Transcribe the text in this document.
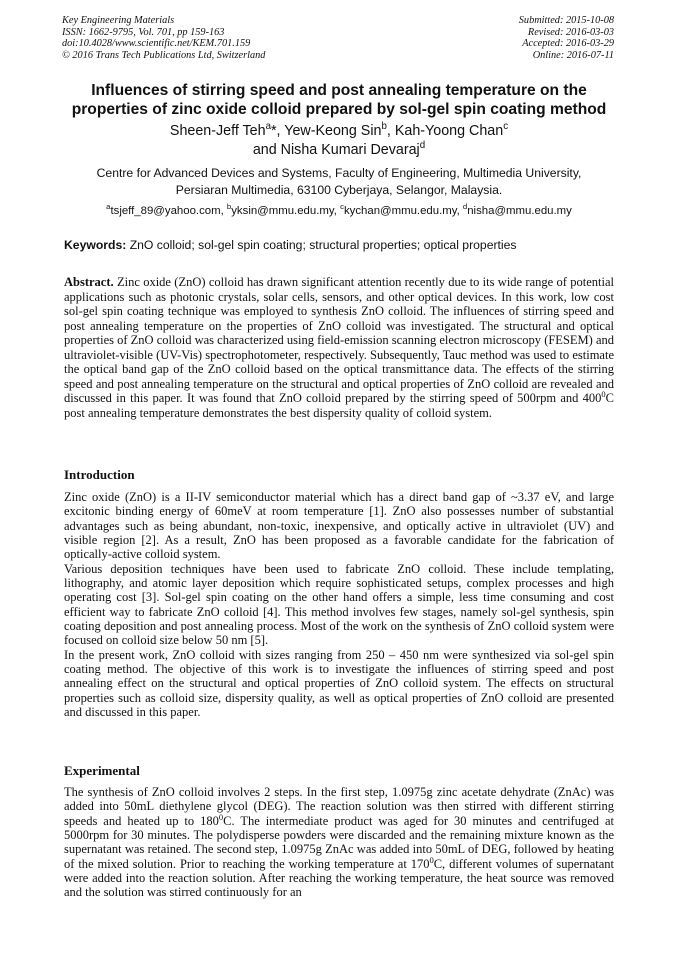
Key Engineering Materials
ISSN: 1662-9795, Vol. 701, pp 159-163
doi:10.4028/www.scientific.net/KEM.701.159
© 2016 Trans Tech Publications Ltd, Switzerland
Submitted: 2015-10-08
Revised: 2016-03-03
Accepted: 2016-03-29
Online: 2016-07-11
Influences of stirring speed and post annealing temperature on the
properties of zinc oxide colloid prepared by sol-gel spin coating method
Sheen-Jeff Teh$^a$*, Yew-Keong Sin$^b$, Kah-Yoong Chan$^c$
and Nisha Kumari Devaraj$^d$
Centre for Advanced Devices and Systems, Faculty of Engineering, Multimedia University,
Persiaran Multimedia, 63100 Cyberjaya, Selangor, Malaysia.
$^a$tsjeff_89@yahoo.com, $^b$yksin@mmu.edu.my, $^c$kychan@mmu.edu.my, $^d$nisha@mmu.edu.my
Keywords: ZnO colloid; sol-gel spin coating; structural properties; optical properties
Abstract. Zinc oxide (ZnO) colloid has drawn significant attention recently due to its wide range of potential applications such as photonic crystals, solar cells, sensors, and other optical devices. In this work, low cost sol-gel spin coating technique was employed to synthesis ZnO colloid. The influences of stirring speed and post annealing temperature on the properties of ZnO colloid was investigated. The structural and optical properties of ZnO colloid was characterized using field-emission scanning electron microscopy (FESEM) and ultraviolet-visible (UV-Vis) spectrophotometer, respectively. Subsequently, Tauc method was used to estimate the optical band gap of the ZnO colloid based on the optical transmittance data. The effects of the stirring speed and post annealing temperature on the structural and optical properties of ZnO colloid are revealed and discussed in this paper. It was found that ZnO colloid prepared by the stirring speed of 500rpm and $400^0C$ post annealing temperature demonstrates the best dispersity quality of colloid system.
Introduction

Zinc oxide (ZnO) is a II-IV semiconductor material which has a direct band gap of ~3.37 eV, and large excitonic binding energy of 60meV at room temperature [1]. ZnO also possesses number of substantial advantages such as being abundant, non-toxic, inexpensive, and optically active in ultraviolet (UV) and visible region [2]. As a result, ZnO has been proposed as a favorable candidate for the fabrication of optically-active colloid system.

Various deposition techniques have been used to fabricate ZnO colloid. These include templating, lithography, and atomic layer deposition which require sophisticated setups, complex processes and high operating cost [3]. Sol-gel spin coating on the other hand offers a simple, less time consuming and cost efficient way to fabricate ZnO colloid [4]. This method involves few stages, namely sol-gel synthesis, spin coating deposition and post annealing process. Most of the work on the synthesis of ZnO colloid system were focused on colloid size below 50 nm [5].

In the present work, ZnO colloid with sizes ranging from 250 – 450 nm were synthesized via sol-gel spin coating method. The objective of this work is to investigate the influences of stirring speed and post annealing effect on the structural and optical properties of ZnO colloid system. The effects on structural properties such as colloid size, dispersity quality, as well as optical properties of ZnO colloid are presented and discussed in this paper.

Experimental

The synthesis of ZnO colloid involves 2 steps. In the first step, 1.0975g zinc acetate dehydrate (ZnAc) was added into 50mL diethylene glycol (DEG). The reaction solution was then stirred with different stirring speeds and heated up to $180^0C$. The intermediate product was aged for 30 minutes and centrifuged at 5000rpm for 30 minutes. The polydisperse powders were discarded and the remaining mixture known as the supernatant was retained. The second step, 1.0975g ZnAc was added into 50mL of DEG, followed by heating of the mixed solution. Prior to reaching the working temperature at $170^0C$, different volumes of supernatant were added into the reaction solution. After reaching the working temperature, the heat source was removed and the solution was stirred continuously for an
